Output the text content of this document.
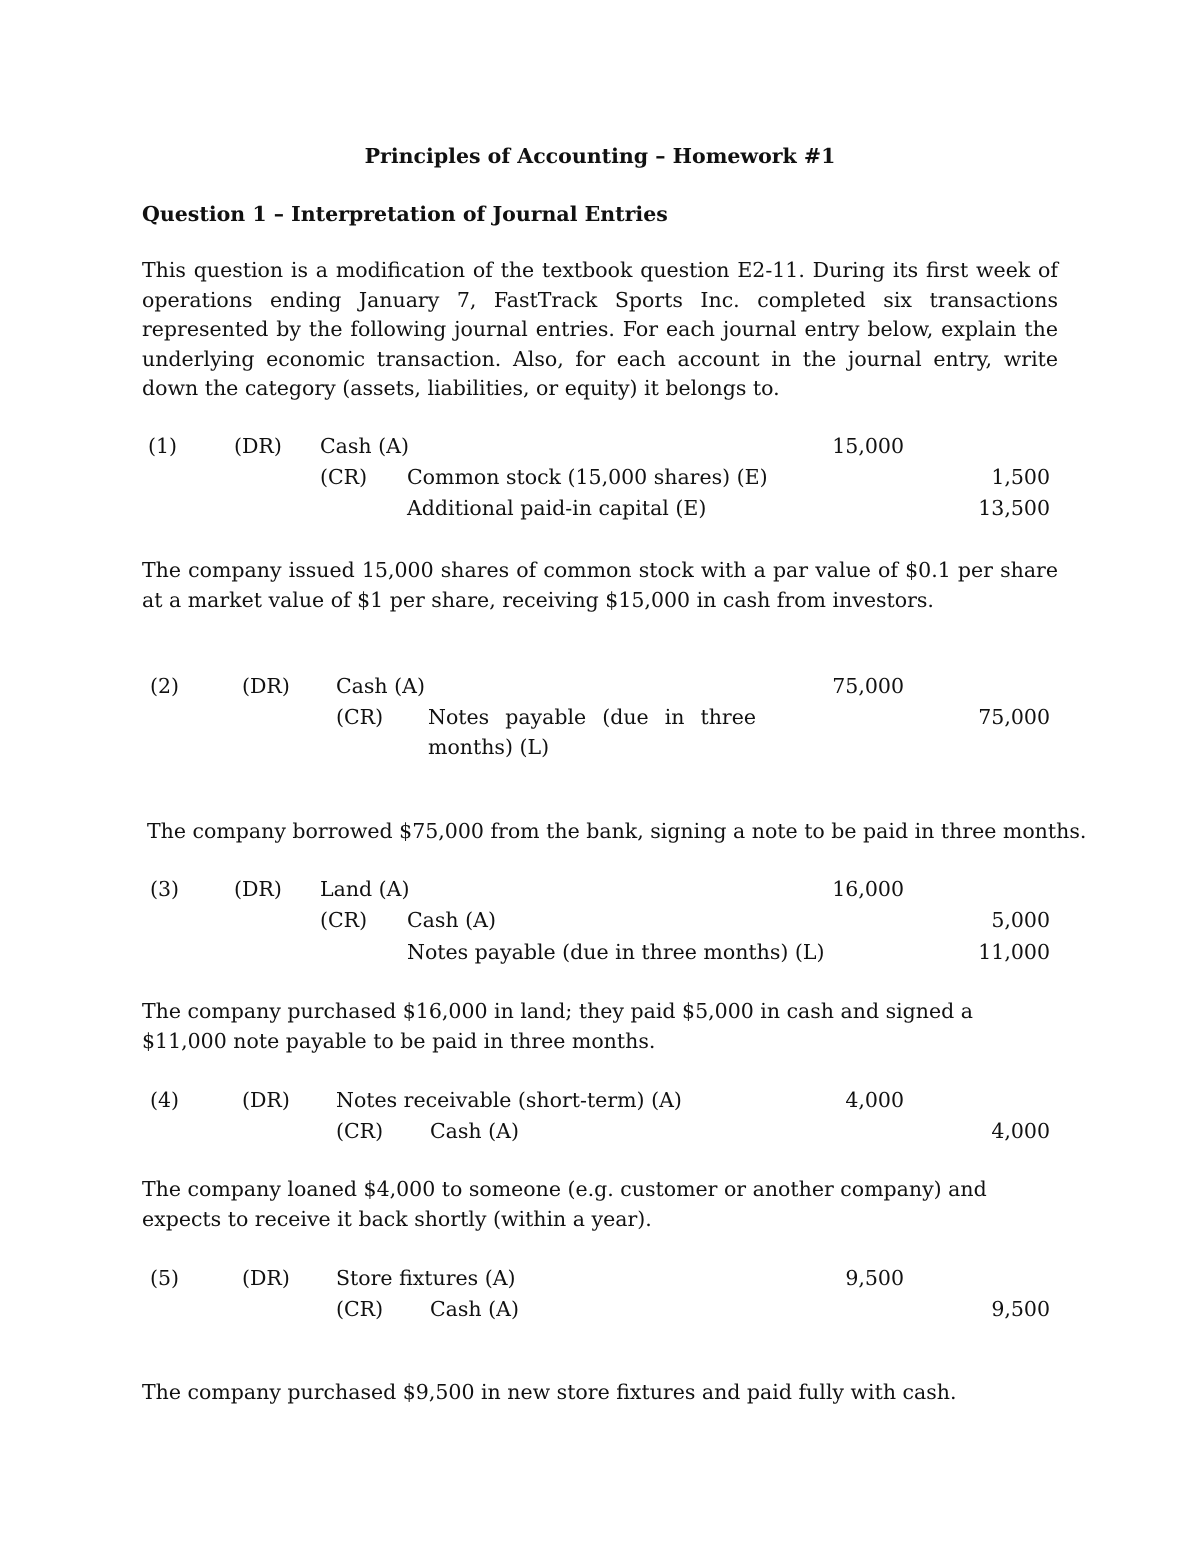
Principles of Accounting – Homework #1
Question 1 – Interpretation of Journal Entries
This question is a modification of the textbook question E2-11. During its first week of operations ending January 7, FastTrack Sports Inc. completed six transactions represented by the following journal entries. For each journal entry below, explain the underlying economic transaction. Also, for each account in the journal entry, write down the category (assets, liabilities, or equity) it belongs to.
(1)	(DR) Cash (A)	15,000
(CR) Common stock (15,000 shares) (E)	1,500
Additional paid-in capital (E)	13,500
The company issued 15,000 shares of common stock with a par value of $0.1 per share at a market value of $1 per share, receiving $15,000 in cash from investors.
(2)	(DR) Cash (A)	75,000
(CR) Notes payable (due in three months) (L)
75,000
The company borrowed $75,000 from the bank, signing a note to be paid in three months.
(3)	(DR) Land (A)	16,000
(CR) Cash (A)	5,000
Notes payable (due in three months) (L)	11,000
The company purchased $16,000 in land; they paid $5,000 in cash and signed a $11,000 note payable to be paid in three months.
(4)	(DR) Notes receivable (short-term) (A)	4,000
(CR) Cash (A)	4,000
The company loaned $4,000 to someone (e.g. customer or another company) and expects to receive it back shortly (within a year).
(5)	(DR) Store fixtures (A)	9,500
(CR) Cash (A)	9,500
The company purchased $9,500 in new store fixtures and paid fully with cash.
